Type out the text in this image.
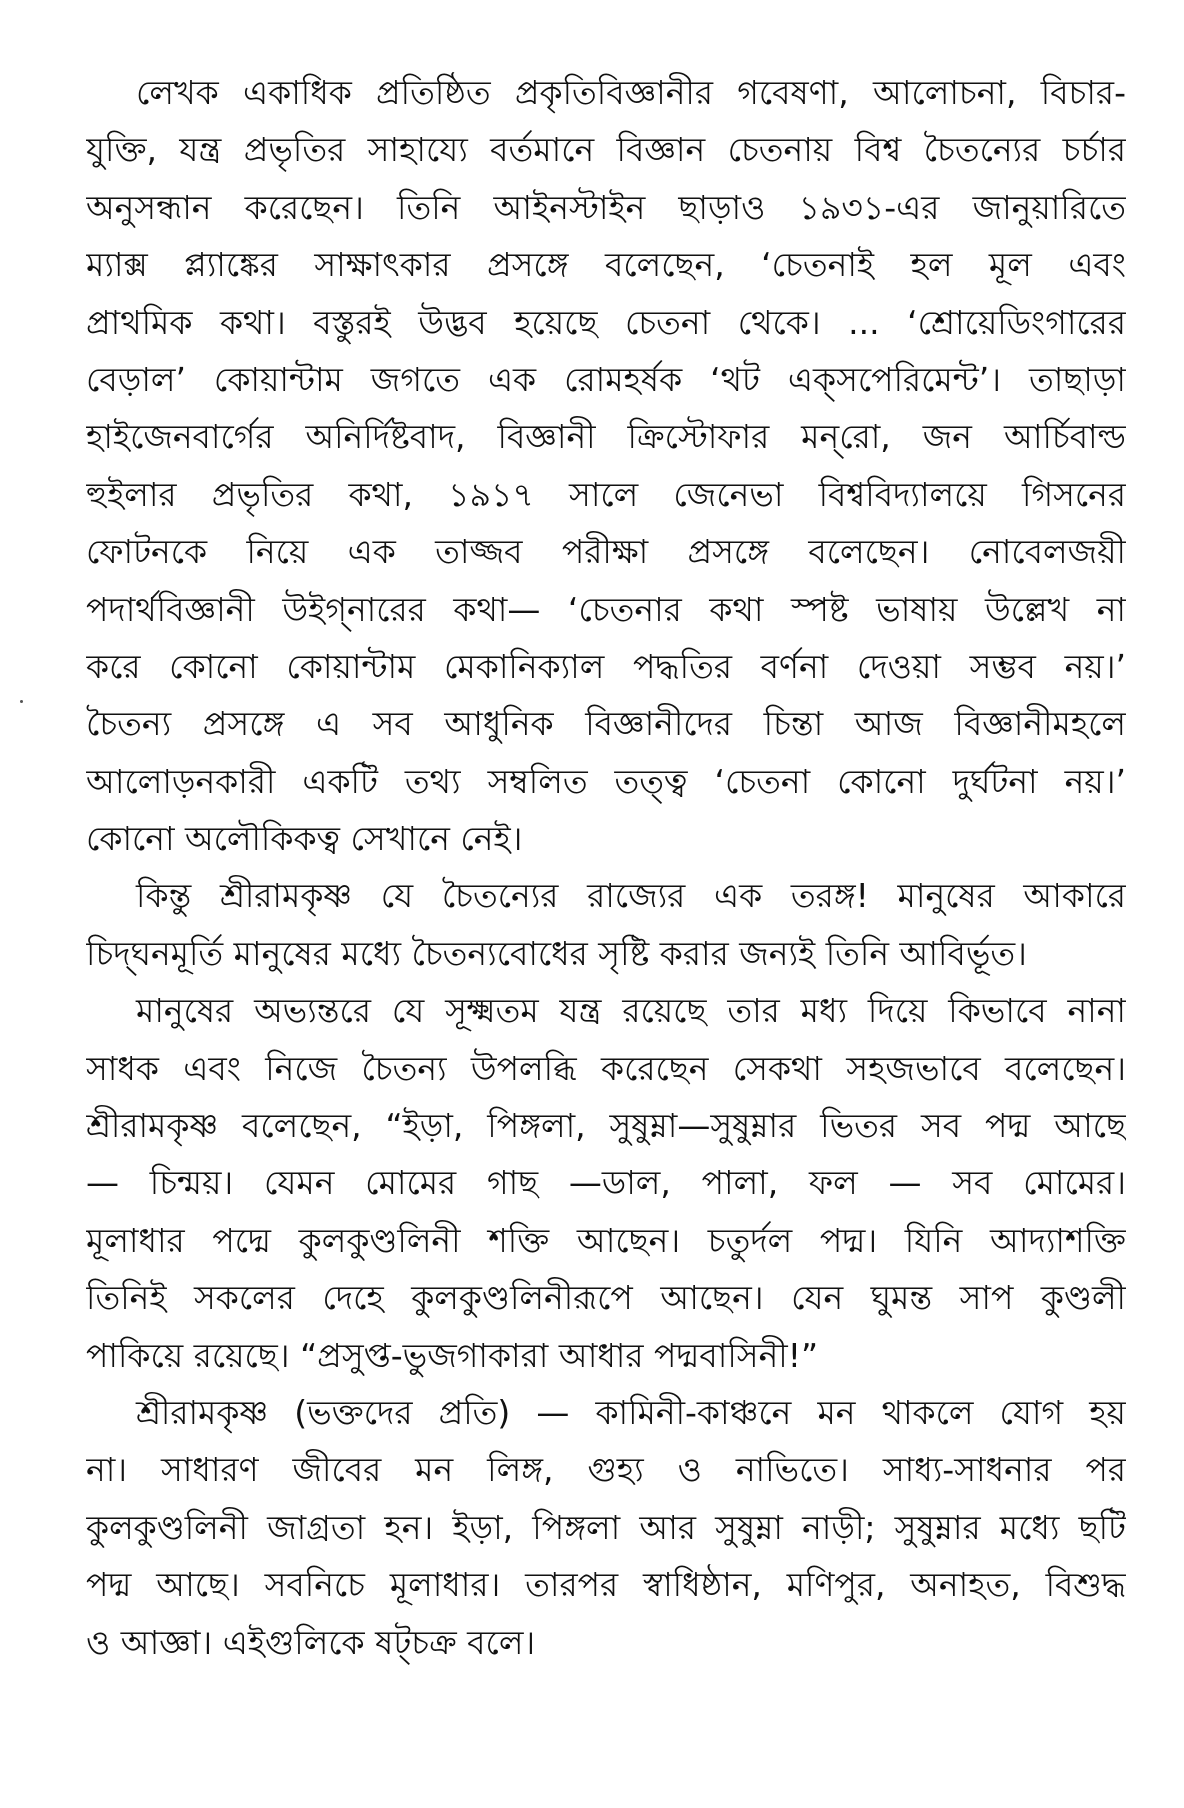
লেখক একাধিক প্রতিষ্ঠিত প্রকৃতিবিজ্ঞানীর গবেষণা, আলোচনা, বিচার-
যুক্তি, যন্ত্র প্রভৃতির সাহায্যে বর্তমানে বিজ্ঞান চেতনায় বিশ্ব চৈতন্যের চর্চার
অনুসন্ধান করেছেন। তিনি আইনস্টাইন ছাড়াও ১৯৩১-এর জানুয়ারিতে
ম্যাক্স প্ল্যাঙ্কের সাক্ষাৎকার প্রসঙ্গে বলেছেন, ‘চেতনাই হল মূল এবং
প্রাথমিক কথা। বস্তুরই উদ্ভব হয়েছে চেতনা থেকে। ... ‘শ্রোয়েডিংগারের
বেড়াল’ কোয়ান্টাম জগতে এক রোমহর্ষক ‘থট এক্‌সপেরিমেন্ট’। তাছাড়া
হাইজেনবার্গের অনির্দিষ্টবাদ, বিজ্ঞানী ক্রিস্টোফার মন্‌রো, জন আর্চিবাল্ড
হুইলার প্রভৃতির কথা, ১৯১৭ সালে জেনেভা বিশ্ববিদ্যালয়ে গিসনের
ফোটনকে নিয়ে এক তাজ্জব পরীক্ষা প্রসঙ্গে বলেছেন। নোবেলজয়ী
পদার্থবিজ্ঞানী উইগ্‌নারের কথা— ‘চেতনার কথা স্পষ্ট ভাষায় উল্লেখ না
করে কোনো কোয়ান্টাম মেকানিক্যাল পদ্ধতির বর্ণনা দেওয়া সম্ভব নয়।’
চৈতন্য প্রসঙ্গে এ সব আধুনিক বিজ্ঞানীদের চিন্তা আজ বিজ্ঞানীমহলে
আলোড়নকারী একটি তথ্য সম্বলিত তত্ত্ব ‘চেতনা কোনো দুর্ঘটনা নয়।’
কোনো অলৌকিকত্ব সেখানে নেই।

কিন্তু শ্রীরামকৃষ্ণ যে চৈতন্যের রাজ্যের এক তরঙ্গ! মানুষের আকারে
চিদ্‌ঘনমূর্তি মানুষের মধ্যে চৈতন্যবোধের সৃষ্টি করার জন্যই তিনি আবির্ভূত।

মানুষের অভ্যন্তরে যে সূক্ষ্মতম যন্ত্র রয়েছে তার মধ্য দিয়ে কিভাবে নানা
সাধক এবং নিজে চৈতন্য উপলব্ধি করেছেন সেকথা সহজভাবে বলেছেন।
শ্রীরামকৃষ্ণ বলেছেন, “ইড়া, পিঙ্গলা, সুষুম্না—সুষুম্নার ভিতর সব পদ্ম আছে
— চিন্ময়। যেমন মোমের গাছ —ডাল, পালা, ফল — সব মোমের।
মূলাধার পদ্মে কুলকুণ্ডলিনী শক্তি আছেন। চতুর্দল পদ্ম। যিনি আদ্যাশক্তি
তিনিই সকলের দেহে কুলকুণ্ডলিনীরূপে আছেন। যেন ঘুমন্ত সাপ কুণ্ডলী
পাকিয়ে রয়েছে। “প্রসুপ্ত-ভুজগাকারা আধার পদ্মবাসিনী!”

শ্রীরামকৃষ্ণ (ভক্তদের প্রতি) — কামিনী-কাঞ্চনে মন থাকলে যোগ হয়
না। সাধারণ জীবের মন লিঙ্গ, গুহ্য ও নাভিতে। সাধ্য-সাধনার পর
কুলকুণ্ডলিনী জাগ্রতা হন। ইড়া, পিঙ্গলা আর সুষুম্না নাড়ী; সুষুম্নার মধ্যে ছটি
পদ্ম আছে। সবনিচে মূলাধার। তারপর স্বাধিষ্ঠান, মণিপুর, অনাহত, বিশুদ্ধ
ও আজ্ঞা। এইগুলিকে ষট্‌চক্র বলে।
